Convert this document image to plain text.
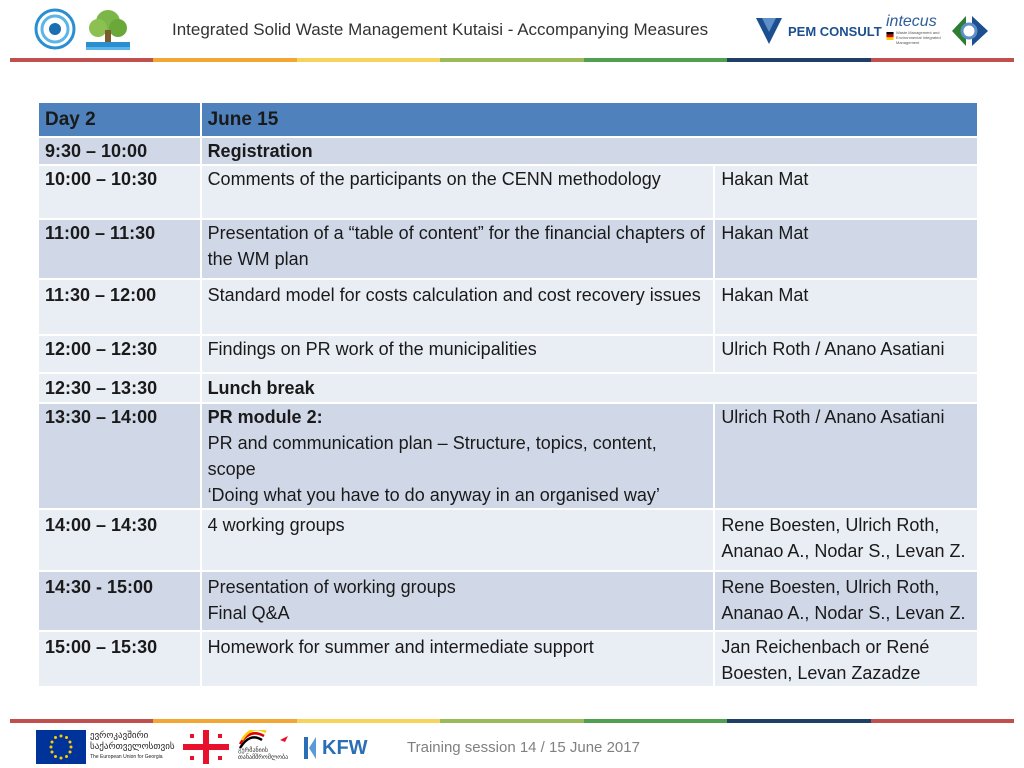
Integrated Solid Waste Management Kutaisi - Accompanying Measures	PEM CONSULT
intecus
Waste Management and Environmental Integrated Management
Day 2	June 15	
9:30 – 10:00	Registration	
10:00 – 10:30	Comments of the participants on the CENN methodology	Hakan Mat
11:00 – 11:30	Presentation of a “table of content” for the financial chapters of the WM plan	Hakan Mat
11:30 – 12:00	Standard model for costs calculation and cost recovery issues	Hakan Mat
12:00 – 12:30	Findings on PR work of the municipalities	Ulrich Roth / Anano Asatiani
12:30 – 13:30	Lunch break	
13:30 – 14:00	PR module 2:
PR and communication plan – Structure, topics, content, scope
‘Doing what you have to do anyway in an organised way’	Ulrich Roth / Anano Asatiani
14:00 – 14:30	4 working groups	Rene Boesten, Ulrich Roth, Ananao A., Nodar S., Levan Z.
14:30 - 15:00	Presentation of working groups
Final Q&A	Rene Boesten, Ulrich Roth, Ananao A., Nodar S., Levan Z.
15:00 – 15:30	Homework for summer and intermediate support	Jan Reichenbach or René Boesten, Levan Zazadze
ევროკავშირი
საქართველოსთვის
The European Union for Georgia
გერმანიის თანამშრომლობა	KFW	Training session 14 / 15 June 2017
